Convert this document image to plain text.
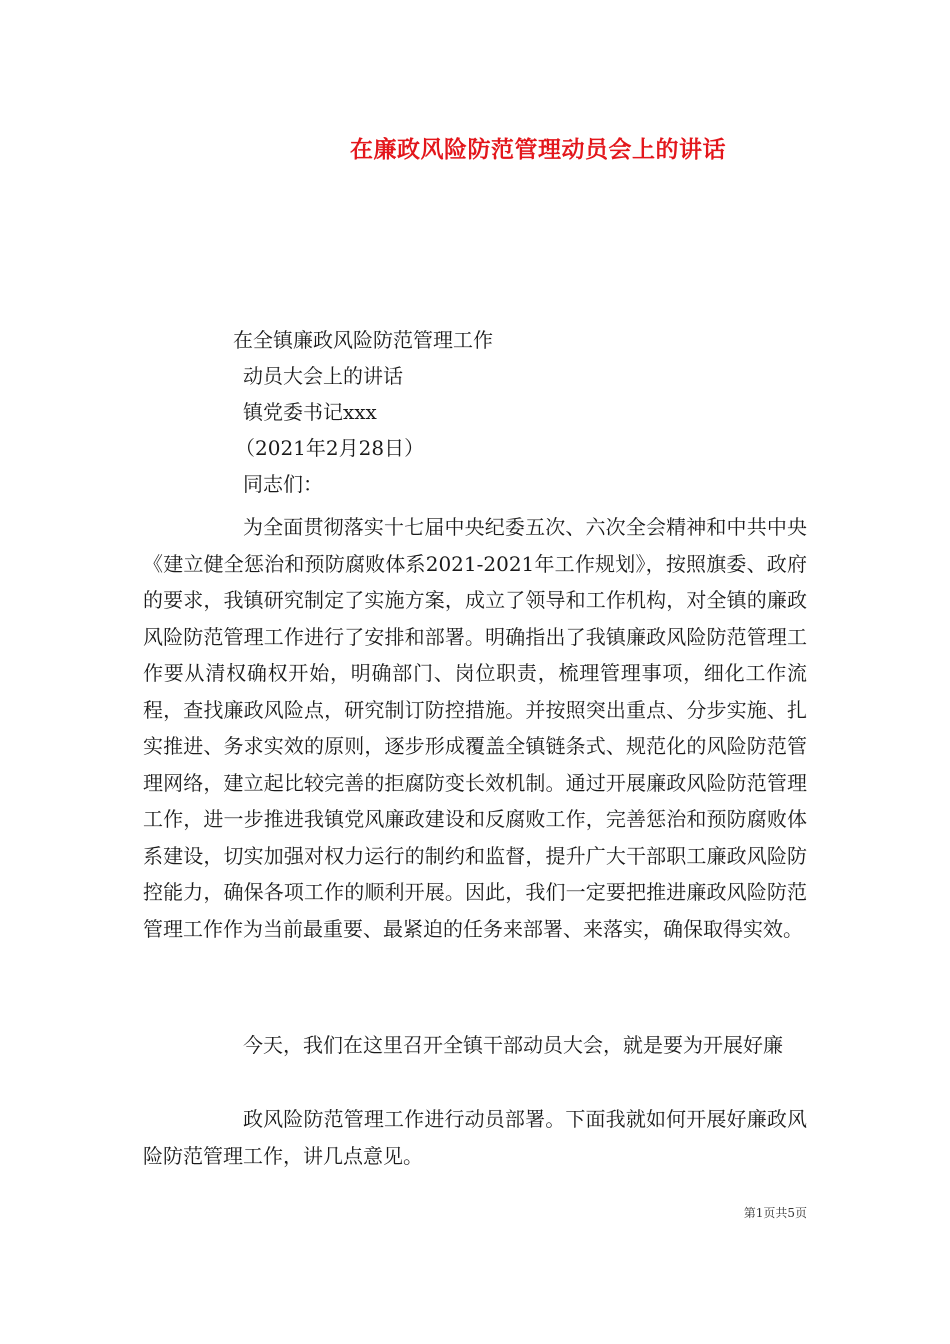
在廉政风险防范管理动员会上的讲话
在全镇廉政风险防范管理工作
动员大会上的讲话
镇党委书记xxx
（2021年2月28日）
同志们：

为全面贯彻落实十七届中央纪委五次、六次全会精神和中共中央《建立健全惩治和预防腐败体系2021-2021年工作规划》，按照旗委、政府的要求，我镇研究制定了实施方案，成立了领导和工作机构，对全镇的廉政风险防范管理工作进行了安排和部署。明确指出了我镇廉政风险防范管理工作要从清权确权开始，明确部门、岗位职责，梳理管理事项，细化工作流程，查找廉政风险点，研究制订防控措施。并按照突出重点、分步实施、扎实推进、务求实效的原则，逐步形成覆盖全镇链条式、规范化的风险防范管理网络，建立起比较完善的拒腐防变长效机制。通过开展廉政风险防范管理工作，进一步推进我镇党风廉政建设和反腐败工作，完善惩治和预防腐败体系建设，切实加强对权力运行的制约和监督，提升广大干部职工廉政风险防控能力，确保各项工作的顺利开展。因此，我们一定要把推进廉政风险防范管理工作作为当前最重要、最紧迫的任务来部署、来落实，确保取得实效。

今天，我们在这里召开全镇干部动员大会，就是要为开展好廉

政风险防范管理工作进行动员部署。下面我就如何开展好廉政风险防范管理工作，讲几点意见。

第1页共5页
